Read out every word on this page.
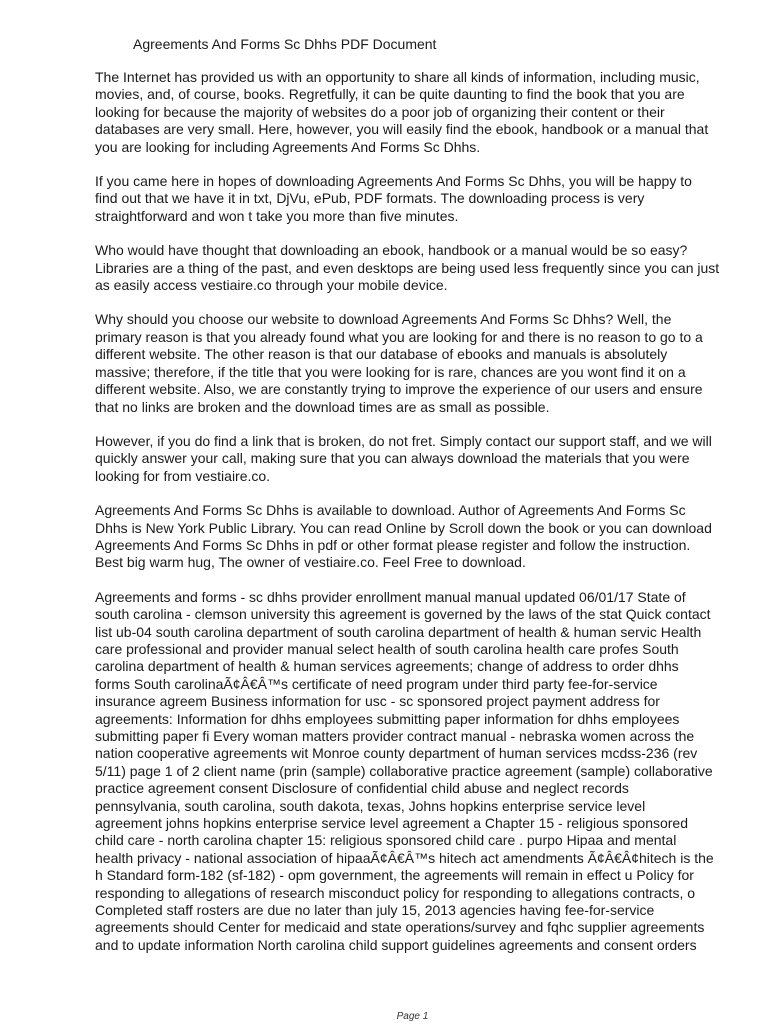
Agreements And Forms Sc Dhhs PDF Document

The Internet has provided us with an opportunity to share all kinds of information, including music,
movies, and, of course, books. Regretfully, it can be quite daunting to find the book that you are
looking for because the majority of websites do a poor job of organizing their content or their
databases are very small. Here, however, you will easily find the ebook, handbook or a manual that
you are looking for including Agreements And Forms Sc Dhhs.

If you came here in hopes of downloading Agreements And Forms Sc Dhhs, you will be happy to
find out that we have it in txt, DjVu, ePub, PDF formats. The downloading process is very
straightforward and won t take you more than five minutes.

Who would have thought that downloading an ebook, handbook or a manual would be so easy?
Libraries are a thing of the past, and even desktops are being used less frequently since you can just
as easily access vestiaire.co through your mobile device.

Why should you choose our website to download Agreements And Forms Sc Dhhs? Well, the
primary reason is that you already found what you are looking for and there is no reason to go to a
different website. The other reason is that our database of ebooks and manuals is absolutely
massive; therefore, if the title that you were looking for is rare, chances are you wont find it on a
different website. Also, we are constantly trying to improve the experience of our users and ensure
that no links are broken and the download times are as small as possible.

However, if you do find a link that is broken, do not fret. Simply contact our support staff, and we will
quickly answer your call, making sure that you can always download the materials that you were
looking for from vestiaire.co.

Agreements And Forms Sc Dhhs is available to download. Author of Agreements And Forms Sc
Dhhs is New York Public Library. You can read Online by Scroll down the book or you can download
Agreements And Forms Sc Dhhs in pdf or other format please register and follow the instruction.
Best big warm hug, The owner of vestiaire.co. Feel Free to download.

Agreements and forms - sc dhhs provider enrollment manual manual updated 06/01/17 State of
south carolina - clemson university this agreement is governed by the laws of the stat Quick contact
list ub-04 south carolina department of south carolina department of health & human servic Health
care professional and provider manual select health of south carolina health care profes South
carolina department of health & human services agreements; change of address to order dhhs
forms South carolinaÃ¢Â€Â™s certificate of need program under third party fee-for-service
insurance agreem Business information for usc - sc sponsored project payment address for
agreements: Information for dhhs employees submitting paper information for dhhs employees
submitting paper fi Every woman matters provider contract manual - nebraska women across the
nation cooperative agreements wit Monroe county department of human services mcdss-236 (rev
5/11) page 1 of 2 client name (prin (sample) collaborative practice agreement (sample) collaborative
practice agreement consent Disclosure of confidential child abuse and neglect records
pennsylvania, south carolina, south dakota, texas, Johns hopkins enterprise service level
agreement johns hopkins enterprise service level agreement a Chapter 15 - religious sponsored
child care - north carolina chapter 15: religious sponsored child care . purpo Hipaa and mental
health privacy - national association of hipaaÃ¢Â€Â™s hitech act amendments Ã¢Â€Â¢hitech is the
h Standard form-182 (sf-182) - opm government, the agreements will remain in effect u Policy for
responding to allegations of research misconduct policy for responding to allegations contracts, o
Completed staff rosters are due no later than july 15, 2013 agencies having fee-for-service
agreements should Center for medicaid and state operations/survey and fqhc supplier agreements
and to update information North carolina child support guidelines agreements and consent orders

Page 1
